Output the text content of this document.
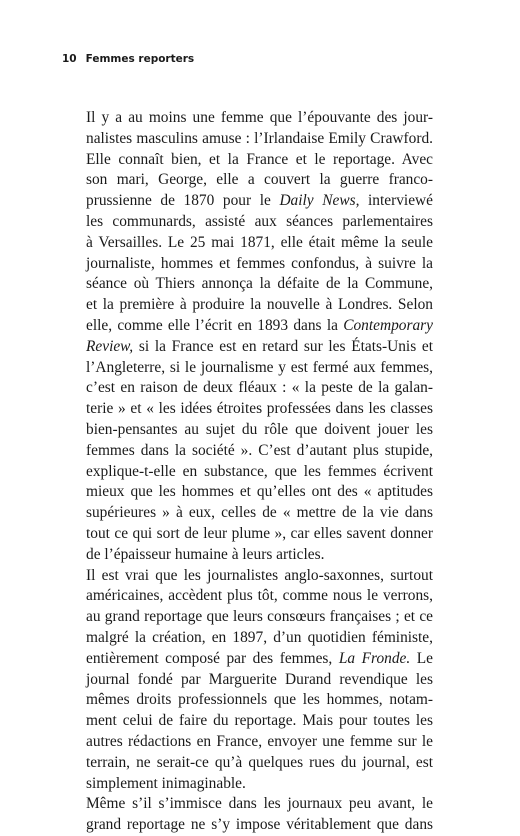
10 Femmes reporters
Il y a au moins une femme que l’épouvante des jour-
nalistes masculins amuse : l’Irlandaise Emily Crawford.
Elle connaît bien, et la France et le reportage. Avec
son mari, George, elle a couvert la guerre franco-
prussienne de 1870 pour le Daily News, interviewé
les communards, assisté aux séances parlementaires
à Versailles. Le 25 mai 1871, elle était même la seule
journaliste, hommes et femmes confondus, à suivre la
séance où Thiers annonça la défaite de la Commune,
et la première à produire la nouvelle à Londres. Selon
elle, comme elle l’écrit en 1893 dans la Contemporary
Review, si la France est en retard sur les États-Unis et
l’Angleterre, si le journalisme y est fermé aux femmes,
c’est en raison de deux fléaux : « la peste de la galan-
terie » et « les idées étroites professées dans les classes
bien-pensantes au sujet du rôle que doivent jouer les
femmes dans la société ». C’est d’autant plus stupide,
explique-t-elle en substance, que les femmes écrivent
mieux que les hommes et qu’elles ont des « aptitudes
supérieures » à eux, celles de « mettre de la vie dans
tout ce qui sort de leur plume », car elles savent donner
de l’épaisseur humaine à leurs articles.
Il est vrai que les journalistes anglo-saxonnes, surtout
américaines, accèdent plus tôt, comme nous le verrons,
au grand reportage que leurs consœurs françaises ; et ce
malgré la création, en 1897, d’un quotidien féministe,
entièrement composé par des femmes, La Fronde. Le
journal fondé par Marguerite Durand revendique les
mêmes droits professionnels que les hommes, notam-
ment celui de faire du reportage. Mais pour toutes les
autres rédactions en France, envoyer une femme sur le
terrain, ne serait-ce qu’à quelques rues du journal, est
simplement inimaginable.
Même s’il s’immisce dans les journaux peu avant, le
grand reportage ne s’y impose véritablement que dans
